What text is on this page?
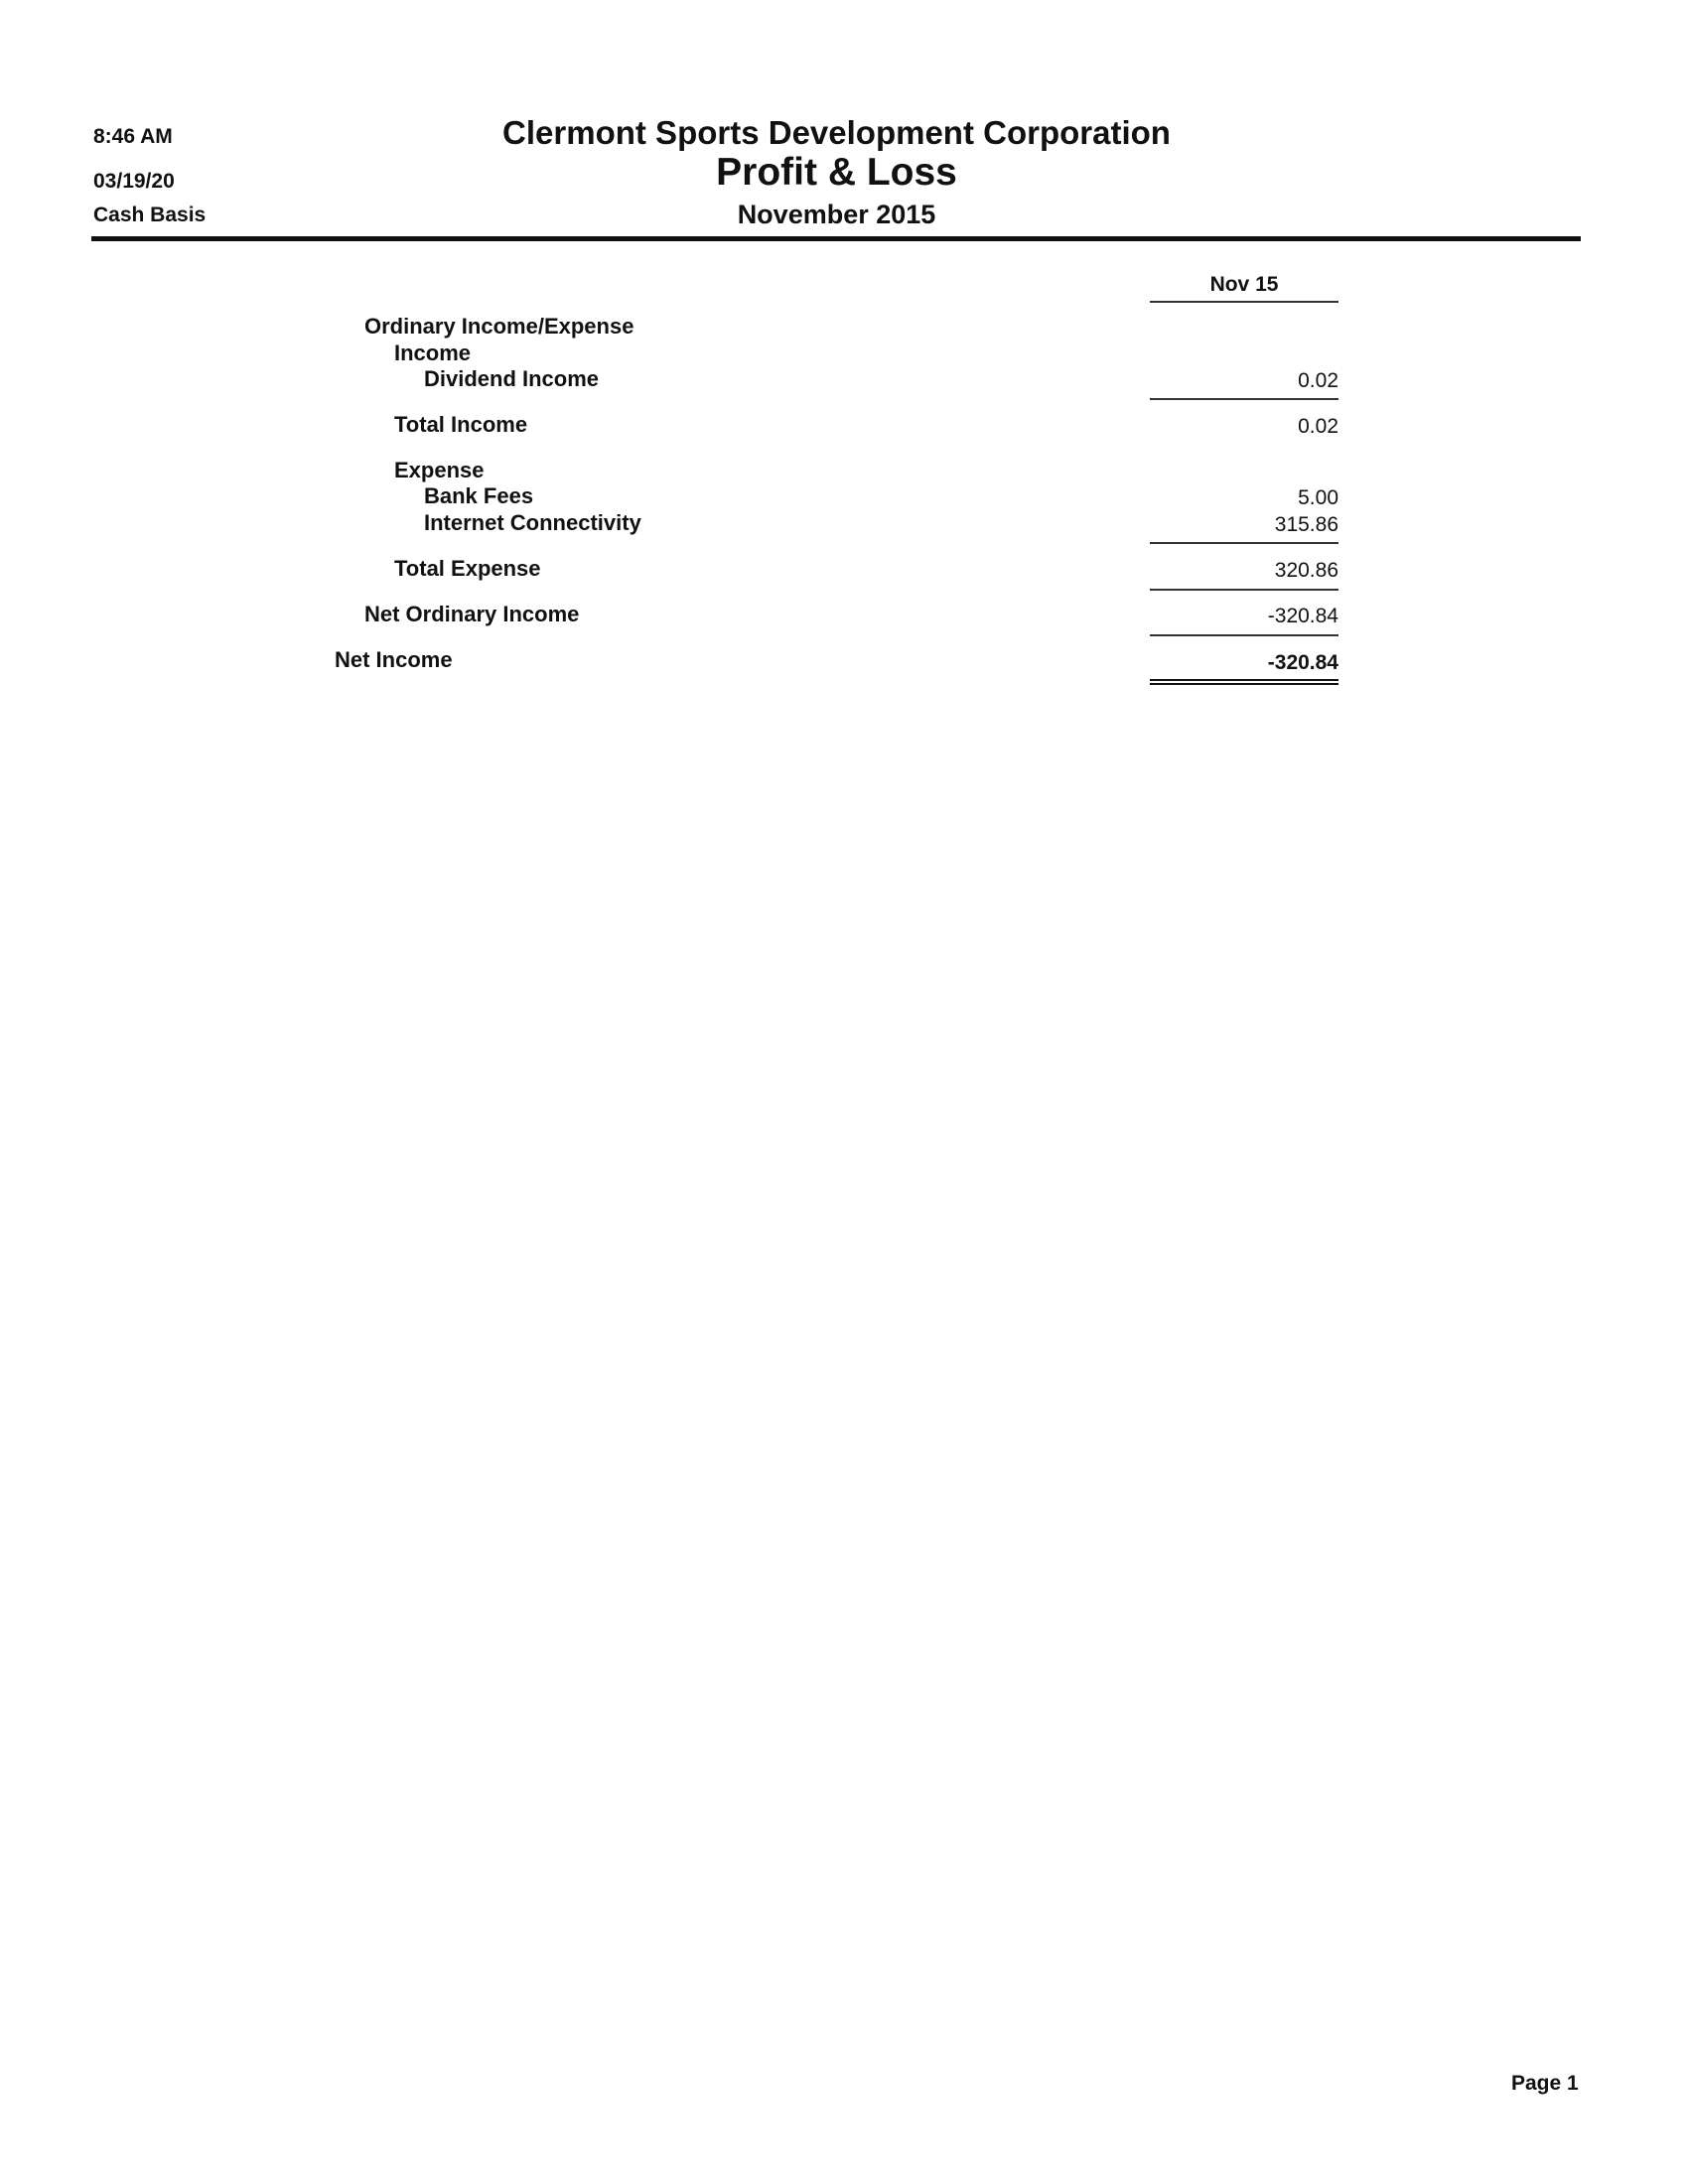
8:46 AM
03/19/20
Cash Basis
Clermont Sports Development Corporation
Profit & Loss
November 2015
Nov 15
Ordinary Income/Expense
Income
Dividend Income	0.02
Total Income	0.02
Expense
Bank Fees	5.00
Internet Connectivity	315.86
Total Expense	320.86
Net Ordinary Income	-320.84
Net Income	-320.84
Page 1
